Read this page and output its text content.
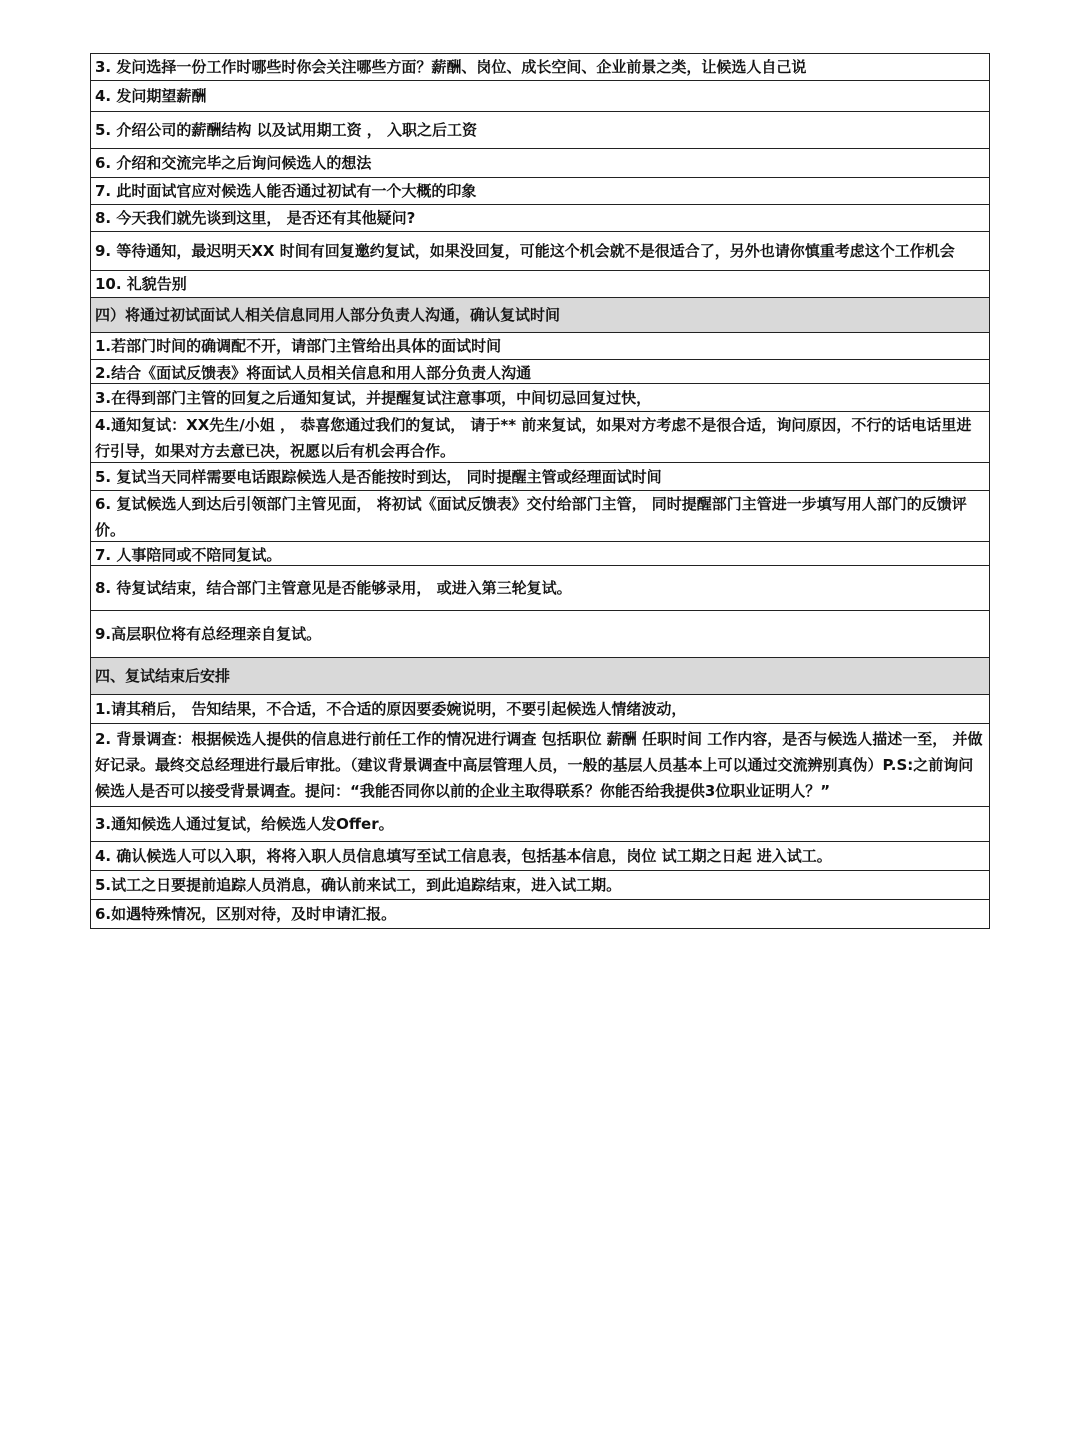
3. 发问选择一份工作时哪些时你会关注哪些方面？薪酬、岗位、成长空间、企业前景之类，让候选人自己说

4. 发问期望薪酬

5. 介绍公司的薪酬结构 以及试用期工资 ， 入职之后工资

6. 介绍和交流完毕之后询问候选人的想法

7. 此时面试官应对候选人能否通过初试有一个大概的印象

8. 今天我们就先谈到这里， 是否还有其他疑问?

9. 等待通知，最迟明天XX 时间有回复邀约复试，如果没回复，可能这个机会就不是很适合了，另外也请你慎重考虑这个工作机会

10. 礼貌告别

四）将通过初试面试人相关信息同用人部分负责人沟通，确认复试时间

1.若部门时间的确调配不开，请部门主管给出具体的面试时间

2.结合《面试反馈表》将面试人员相关信息和用人部分负责人沟通

3.在得到部门主管的回复之后通知复试，并提醒复试注意事项，中间切忌回复过快，

4.通知复试：XX先生/小姐 ， 恭喜您通过我们的复试， 请于** 前来复试，如果对方考虑不是很合适，询问原因，不行的话电话里进行引导，如果对方去意已决，祝愿以后有机会再合作。

5. 复试当天同样需要电话跟踪候选人是否能按时到达， 同时提醒主管或经理面试时间

6. 复试候选人到达后引领部门主管见面， 将初试《面试反馈表》交付给部门主管， 同时提醒部门主管进一步填写用人部门的反馈评价。

7. 人事陪同或不陪同复试。

8. 待复试结束，结合部门主管意见是否能够录用， 或进入第三轮复试。

9.高层职位将有总经理亲自复试。

四、复试结束后安排

1.请其稍后， 告知结果，不合适，不合适的原因要委婉说明，不要引起候选人情绪波动，

2. 背景调查：根据候选人提供的信息进行前任工作的情况进行调查 包括职位 薪酬 任职时间 工作内容，是否与候选人描述一至， 并做好记录。最终交总经理进行最后审批。（建议背景调查中高层管理人员，一般的基层人员基本上可以通过交流辨别真伪）P.S:之前询问候选人是否可以接受背景调查。提问：“我能否同你以前的企业主取得联系？你能否给我提供3位职业证明人？”

3.通知候选人通过复试，给候选人发Offer。

4. 确认候选人可以入职，将将入职人员信息填写至试工信息表，包括基本信息，岗位 试工期之日起 进入试工。

5.试工之日要提前追踪人员消息，确认前来试工，到此追踪结束，进入试工期。

6.如遇特殊情况，区别对待，及时申请汇报。
